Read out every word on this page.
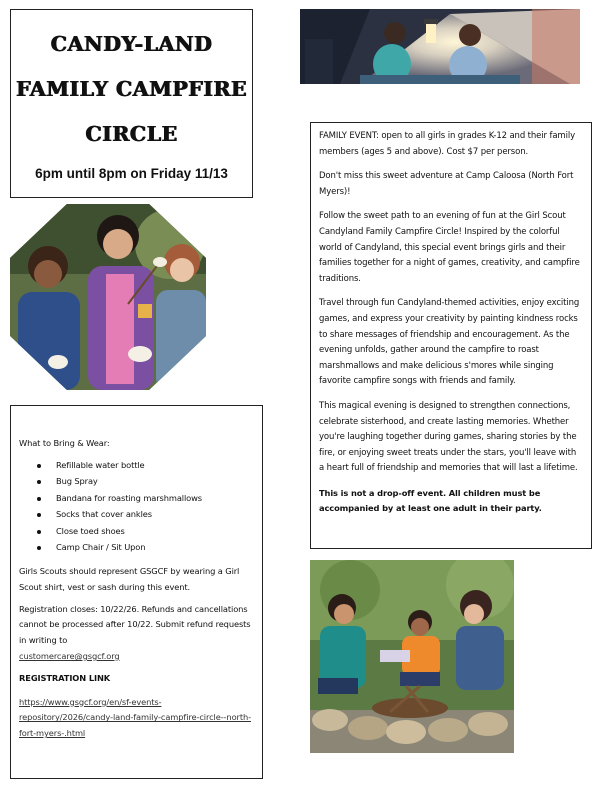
CANDY-LAND
FAMILY CAMPFIRE
CIRCLE
6pm until 8pm on Friday 11/13

FAMILY EVENT: open to all girls in grades K-12 and their family members (ages 5 and above). Cost $7 per person.

Don't miss this sweet adventure at Camp Caloosa (North Fort Myers)!

Follow the sweet path to an evening of fun at the Girl Scout Candyland Family Campfire Circle! Inspired by the colorful world of Candyland, this special event brings girls and their families together for a night of games, creativity, and campfire traditions.

Travel through fun Candyland-themed activities, enjoy exciting games, and express your creativity by painting kindness rocks to share messages of friendship and encouragement. As the evening unfolds, gather around the campfire to roast marshmallows and make delicious s'mores while singing favorite campfire songs with friends and family.

This magical evening is designed to strengthen connections, celebrate sisterhood, and create lasting memories. Whether you're laughing together during games, sharing stories by the fire, or enjoying sweet treats under the stars, you'll leave with a heart full of friendship and memories that will last a lifetime.

This is not a drop-off event. All children must be accompanied by at least one adult in their party.

What to Bring & Wear:

Refillable water bottle
Bug Spray
Bandana for roasting marshmallows
Socks that cover ankles
Close toed shoes
Camp Chair / Sit Upon

Girls Scouts should represent GSGCF by wearing a Girl Scout shirt, vest or sash during this event.

Registration closes: 10/22/26. Refunds and cancellations cannot be processed after 10/22. Submit refund requests in writing to
customercare@gsgcf.org

REGISTRATION LINK

https://www.gsgcf.org/en/sf-events-repository/2026/candy-land-family-campfire-circle--north-fort-myers-.html
